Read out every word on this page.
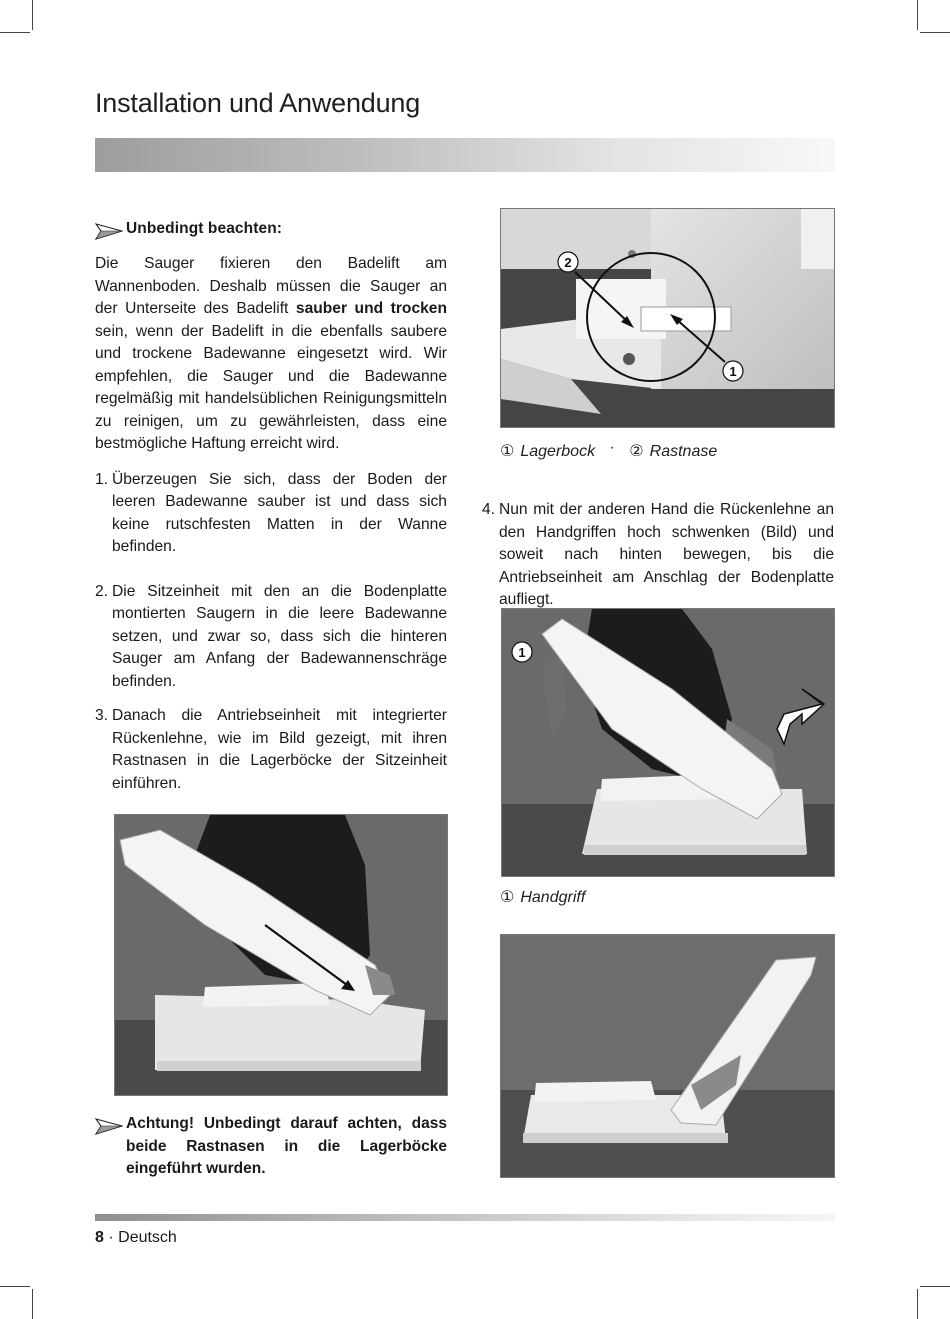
Installation und Anwendung
Unbedingt beachten:

Die Sauger fixieren den Badelift am Wannenboden. Deshalb müssen die Sauger an der Unterseite des Badelift sauber und trocken sein, wenn der Badelift in die ebenfalls saubere und trockene Badewanne eingesetzt wird. Wir empfehlen, die Sauger und die Badewanne regelmäßig mit handelsüblichen Reinigungsmitteln zu reinigen, um zu gewährleisten, dass eine bestmögliche Haftung erreicht wird.

1. Überzeugen Sie sich, dass der Boden der leeren Badewanne sauber ist und dass sich keine rutschfesten Matten in der Wanne befinden.
2. Die Sitzeinheit mit den an die Bodenplatte montierten Saugern in die leere Badewanne setzen, und zwar so, dass sich die hinteren Sauger am Anfang der Badewannenschräge befinden.
3. Danach die Antriebseinheit mit integrierter Rückenlehne, wie im Bild gezeigt, mit ihren Rastnasen in die Lagerböcke der Sitzeinheit einführen.
2
1
① Lagerbock · ② Rastnase
4. Nun mit der anderen Hand die Rückenlehne an den Handgriffen hoch schwenken (Bild) und soweit nach hinten bewegen, bis die Antriebseinheit am Anschlag der Bodenplatte aufliegt.
1
① Handgriff
Achtung! Unbedingt darauf achten, dass beide Rastnasen in die Lagerböcke eingeführt wurden.
8 · Deutsch
